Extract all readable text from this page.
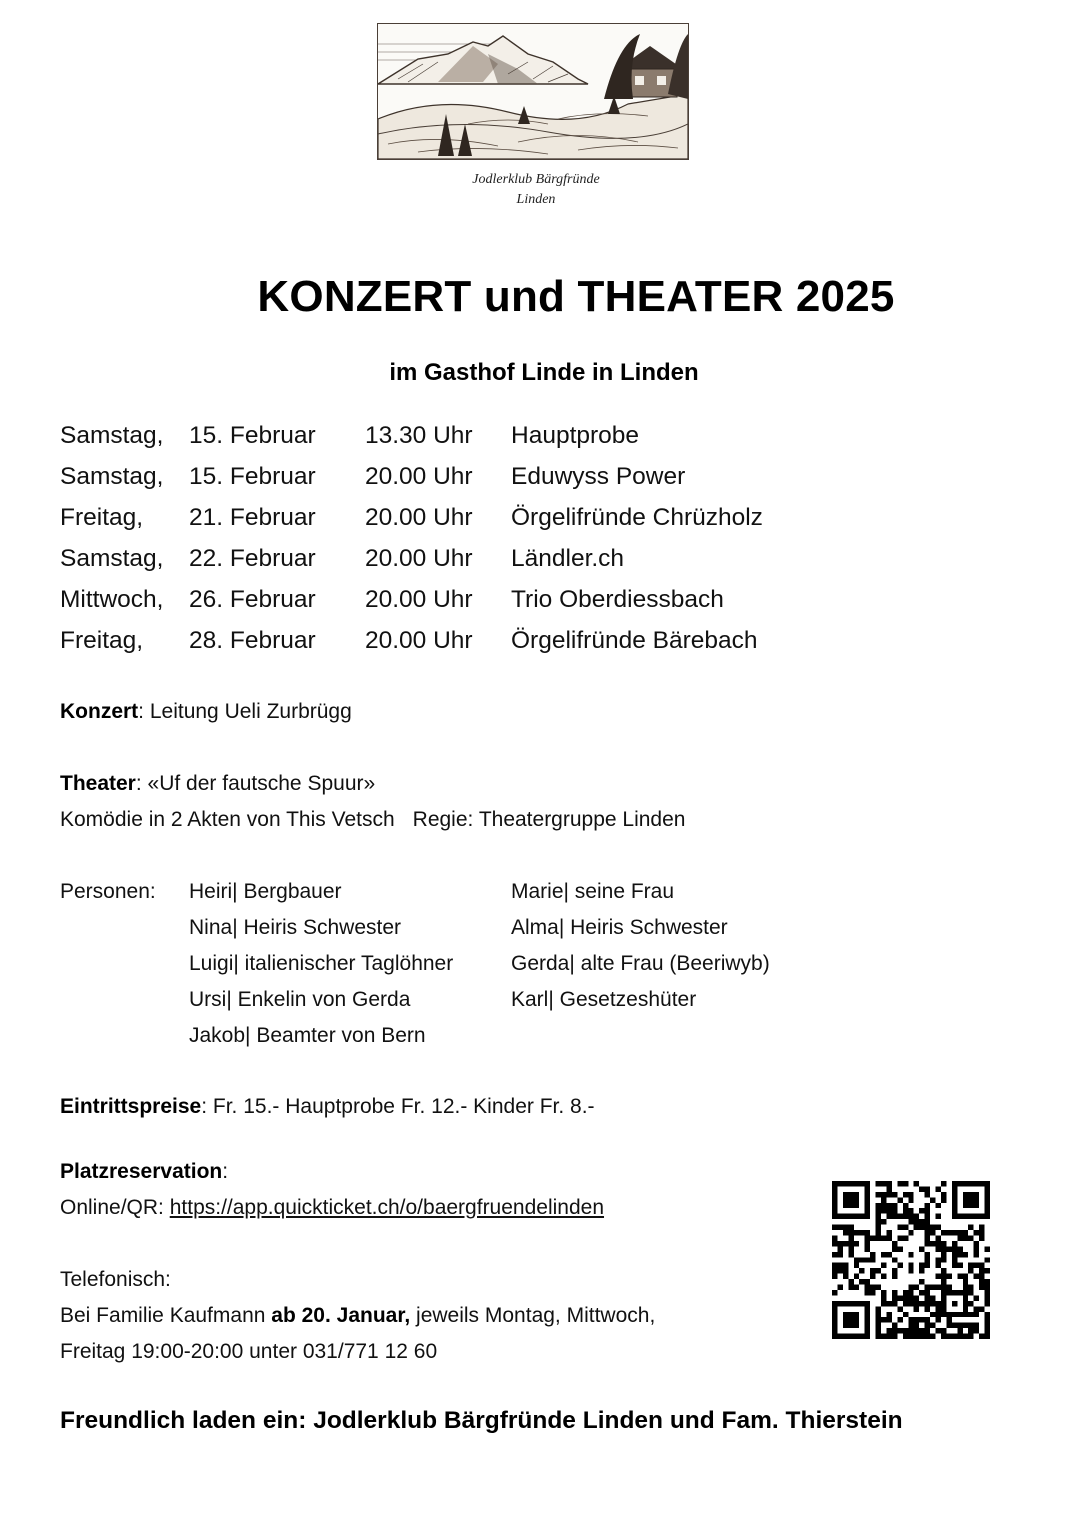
Jodlerklub Bärgfründe
Linden
KONZERT und THEATER 2025
im Gasthof Linde in Linden
Samstag, 15. Februar 13.30 Uhr Hauptprobe
Samstag, 15. Februar 20.00 Uhr Eduwyss Power
Freitag, 21. Februar 20.00 Uhr Örgelifründe Chrüzholz
Samstag, 22. Februar 20.00 Uhr Ländler.ch
Mittwoch, 26. Februar 20.00 Uhr Trio Oberdiessbach
Freitag, 28. Februar 20.00 Uhr Örgelifründe Bärebach
Konzert: Leitung Ueli Zurbrügg
Theater: «Uf der fautsche Spuur»
Komödie in 2 Akten von This Vetsch Regie: Theatergruppe Linden
Personen: Heiri| Bergbauer
Nina| Heiris Schwester
Luigi| italienischer Taglöhner
Ursi| Enkelin von Gerda
Jakob| Beamter von Bern
Marie| seine Frau
Alma| Heiris Schwester
Gerda| alte Frau (Beeriwyb)
Karl| Gesetzeshüter
Eintrittspreise: Fr. 15.- Hauptprobe Fr. 12.- Kinder Fr. 8.-
Platzreservation:
Online/QR: https://app.quickticket.ch/o/baergfruendelinden
Telefonisch:
Bei Familie Kaufmann ab 20. Januar, jeweils Montag, Mittwoch,
Freitag 19:00-20:00 unter 031/771 12 60
Freundlich laden ein: Jodlerklub Bärgfründe Linden und Fam. Thierstein
